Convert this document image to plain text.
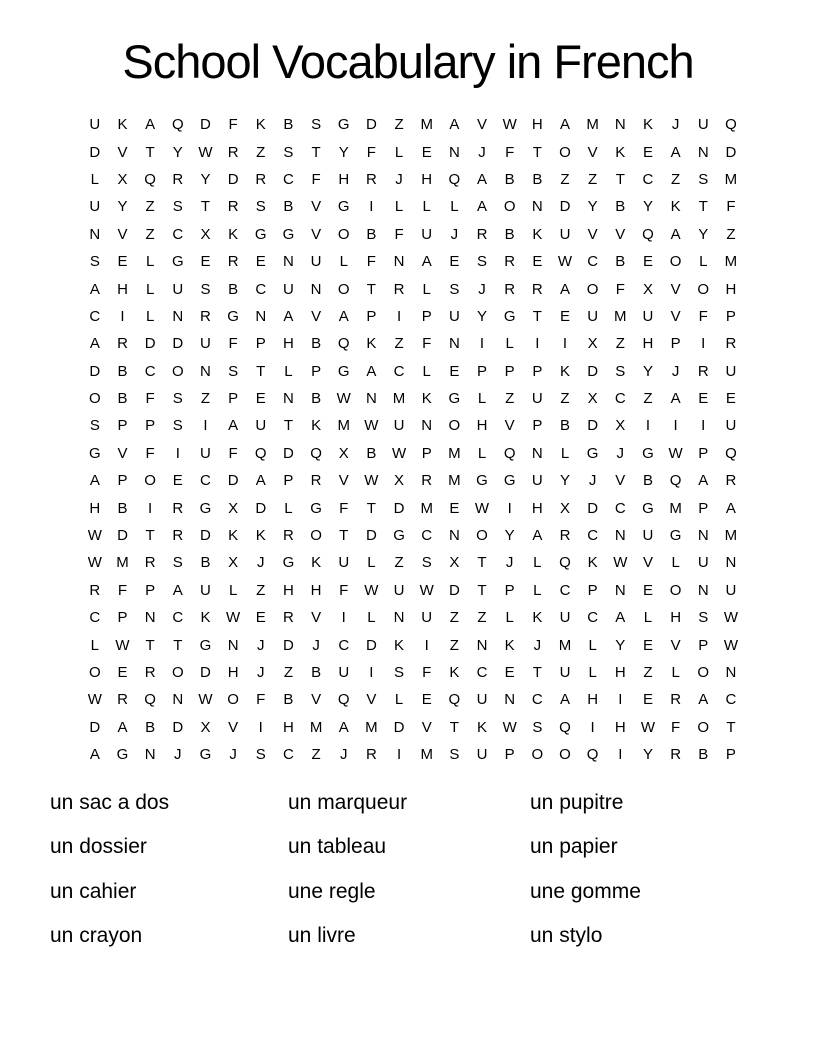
School Vocabulary in French
U	K	A	Q	D	F	K	B	S	G	D	Z	M	A	V	W	H	A	M	N	K	J	U	Q
D	V	T	Y	W	R	Z	S	T	Y	F	L	E	N	J	F	T	O	V	K	E	A	N	D
L	X	Q	R	Y	D	R	C	F	H	R	J	H	Q	A	B	B	Z	Z	T	C	Z	S	M
U	Y	Z	S	T	R	S	B	V	G	I	L	L	L	A	O	N	D	Y	B	Y	K	T	F
N	V	Z	C	X	K	G	G	V	O	B	F	U	J	R	B	K	U	V	V	Q	A	Y	Z
S	E	L	G	E	R	E	N	U	L	F	N	A	E	S	R	E	W	C	B	E	O	L	M
A	H	L	U	S	B	C	U	N	O	T	R	L	S	J	R	R	A	O	F	X	V	O	H
C	I	L	N	R	G	N	A	V	A	P	I	P	U	Y	G	T	E	U	M	U	V	F	P
A	R	D	D	U	F	P	H	B	Q	K	Z	F	N	I	L	I	I	X	Z	H	P	I	R
D	B	C	O	N	S	T	L	P	G	A	C	L	E	P	P	P	K	D	S	Y	J	R	U
O	B	F	S	Z	P	E	N	B	W	N	M	K	G	L	Z	U	Z	X	C	Z	A	E	E
S	P	P	S	I	A	U	T	K	M W	U	N	O	H	V	P	B	D	X	I	I	I	U
G	V	F	I	U	F	Q	D	Q	X	B	W	P	M	L	Q	N	L	G	J	G W	P	Q
A	P	O	E	C	D	A	P	R	V	W	X	R	M	G	G	U	Y	J	V	B	Q	A	R
H	B	I	R	G	X	D	L	G	F	T	D	M	E	W	I	H	X	D	C	G	M	P	A
W	D	T	R	D	K	K	R	O	T	D	G	C	N	O	Y	A	R	C	N	U	G	N	M
W M	R	S	B	X	J	G	K	U	L	Z	S	X	T	J	L	Q	K	W	V	L	U	N
R	F	P	A	U	L	Z	H	H	F	W	U	W	D	T	P	L	C	P	N	E	O	N	U
C	P	N	C	K	W	E	R	V	I	L	N	U	Z	Z	L	K	U	C	A	L	H	S	W
L	W	T	T	G	N	J	D	J	C	D	K	I	Z	N	K	J	M	L	Y	E	V	P	W
O	E	R	O	D	H	J	Z	B	U	I	S	F	K	C	E	T	U	L	H	Z	L	O	N
W	R	Q	N	W O	F	B	V	Q	V	L	E	Q	U	N	C	A	H	I	E	R	A	C
D	A	B	D	X	V	I	H	M	A	M	D	V	T	K	W	S	Q	I	H	W	F	O	T
A	G	N	J	G	J	S	C	Z	J	R	I	M	S	U	P	O	O	Q	I	Y	R	B	P
un sac a dos
un dossier
un cahier
un crayon
un marqueur
un tableau
une regle
un livre
un pupitre
un papier
une gomme
un stylo
